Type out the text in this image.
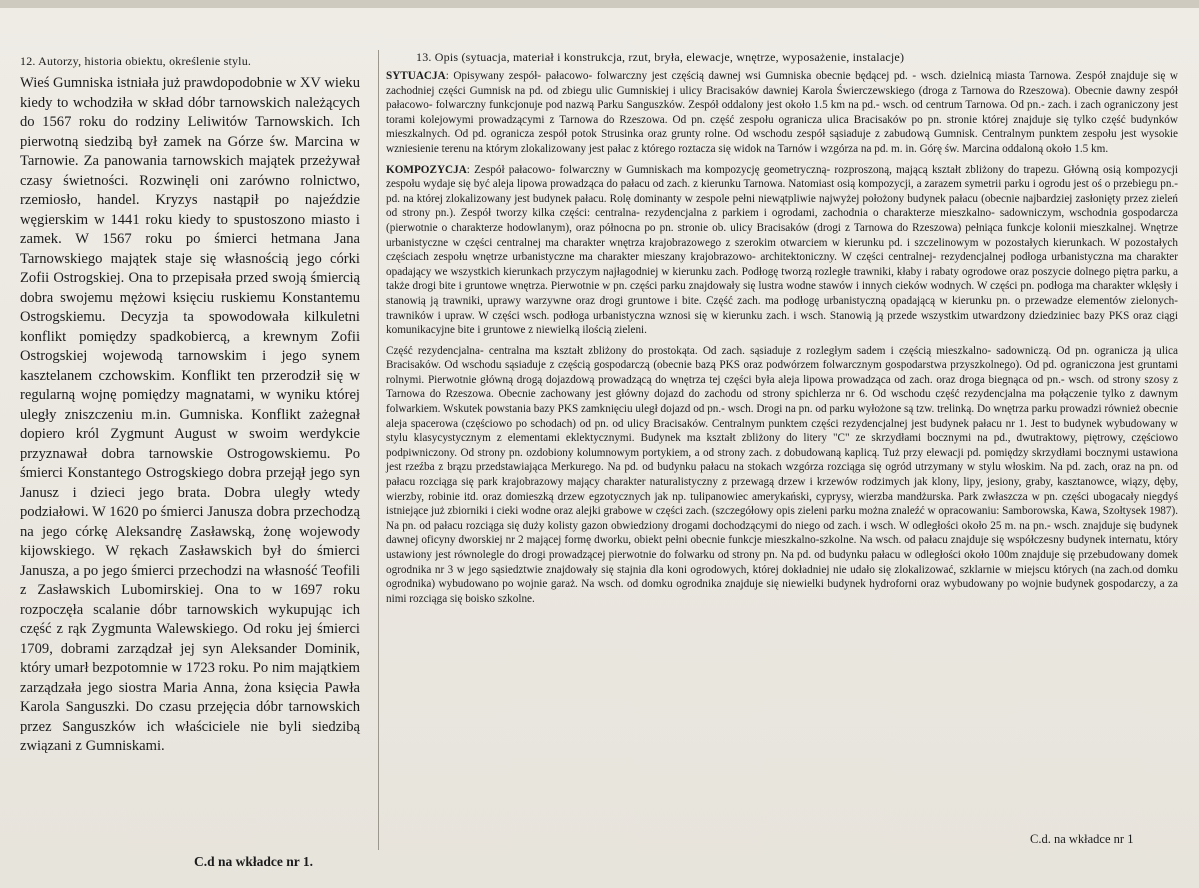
12. Autorzy, historia obiektu, określenie stylu.

Wieś Gumniska istniała już prawdopodobnie w XV wieku kiedy to wchodziła w skład dóbr tarnowskich należących do 1567 roku do rodziny Leliwitów Tarnowskich. Ich pierwotną siedzibą był zamek na Górze św. Marcina w Tarnowie. Za panowania tarnowskich majątek przeżywał czasy świetności. Rozwinęli oni zarówno rolnictwo, rzemiosło, handel. Kryzys nastąpił po najeździe węgierskim w 1441 roku kiedy to spustoszono miasto i zamek. W 1567 roku po śmierci hetmana Jana Tarnowskiego majątek staje się własnością jego córki Zofii Ostrogskiej. Ona to przepisała przed swoją śmiercią dobra swojemu mężowi księciu ruskiemu Konstantemu Ostrogskiemu. Decyzja ta spowodowała kilkuletni konflikt pomiędzy spadkobiercą, a krewnym Zofii Ostrogskiej wojewodą tarnowskim i jego synem kasztelanem czchowskim. Konflikt ten przerodził się w regularną wojnę pomiędzy magnatami, w wyniku której uległy zniszczeniu m.in. Gumniska. Konflikt zażegnał dopiero król Zygmunt August w swoim werdykcie przyznawał dobra tarnowskie Ostrogowskiemu. Po śmierci Konstantego Ostrogskiego dobra przejął jego syn Janusz i dzieci jego brata. Dobra uległy wtedy podziałowi. W 1620 po śmierci Janusza dobra przechodzą na jego córkę Aleksandrę Zasławską, żonę wojewody kijowskiego. W rękach Zasławskich był do śmierci Janusza, a po jego śmierci przechodzi na własność Teofili z Zasławskich Lubomirskiej. Ona to w 1697 roku rozpoczęła scalanie dóbr tarnowskich wykupując ich część z rąk Zygmunta Walewskiego. Od roku jej śmierci 1709, dobrami zarządzał jej syn Aleksander Dominik, który umarł bezpotomnie w 1723 roku. Po nim majątkiem zarządzała jego siostra Maria Anna, żona księcia Pawła Karola Sanguszki. Do czasu przejęcia dóbr tarnowskich przez Sanguszków ich właściciele nie byli siedzibą związani z Gumniskami.

C.d na wkładce nr 1.
13. Opis (sytuacja, materiał i konstrukcja, rzut, bryła, elewacje, wnętrze, wyposażenie, instalacje)

SYTUACJA: Opisywany zespół- pałacowo- folwarczny jest częścią dawnej wsi Gumniska obecnie będącej pd. - wsch. dzielnicą miasta Tarnowa. Zespół znajduje się w zachodniej części Gumnisk na pd. od zbiegu ulic Gumniskiej i ulicy Bracisaków dawniej Karola Świerczewskiego (droga z Tarnowa do Rzeszowa). Obecnie dawny zespół pałacowo- folwarczny funkcjonuje pod nazwą Parku Sanguszków. Zespół oddalony jest około 1.5 km na pd.- wsch. od centrum Tarnowa. Od pn.- zach. i zach ograniczony jest torami kolejowymi prowadzącymi z Tarnowa do Rzeszowa. Od pn. część zespołu ogranicza ulica Bracisaków po pn. stronie której znajduje się tylko część budynków mieszkalnych. Od pd. ogranicza zespół potok Strusinka oraz grunty rolne. Od wschodu zespół sąsiaduje z zabudową Gumnisk. Centralnym punktem zespołu jest wysokie wzniesienie terenu na którym zlokalizowany jest pałac z którego roztacza się widok na Tarnów i wzgórza na pd. m. in. Górę św. Marcina oddaloną około 1.5 km.

KOMPOZYCJA: Zespół pałacowo- folwarczny w Gumniskach ma kompozycję geometryczną- rozproszoną, mającą kształt zbliżony do trapezu. Główną osią kompozycji zespołu wydaje się być aleja lipowa prowadząca do pałacu od zach. z kierunku Tarnowa. Natomiast osią kompozycji, a zarazem symetrii parku i ogrodu jest oś o przebiegu pn.- pd. na której zlokalizowany jest budynek pałacu. Rolę dominanty w zespole pełni niewątpliwie najwyżej położony budynek pałacu (obecnie najbardziej zasłonięty przez zieleń od strony pn.). Zespół tworzy kilka części: centralna- rezydencjalna z parkiem i ogrodami, zachodnia o charakterze mieszkalno- sadowniczym, wschodnia gospodarcza (pierwotnie o charakterze hodowlanym), oraz północna po pn. stronie ob. ulicy Bracisaków (drogi z Tarnowa do Rzeszowa) pełniąca funkcje kolonii mieszkalnej. Wnętrze urbanistyczne w części centralnej ma charakter wnętrza krajobrazowego z szerokim otwarciem w kierunku pd. i szczelinowym w pozostałych kierunkach. W pozostałych częściach zespołu wnętrze urbanistyczne ma charakter mieszany krajobrazowo- architektoniczny. W części centralnej- rezydencjalnej podłoga urbanistyczna ma charakter opadający we wszystkich kierunkach przyczym najłagodniej w kierunku zach. Podłogę tworzą rozległe trawniki, kłaby i rabaty ogrodowe oraz poszycie dolnego piętra parku, a także drogi bite i gruntowe wnętrza. Pierwotnie w pn. części parku znajdowały się lustra wodne stawów i innych cieków wodnych. W części pn. podłoga ma charakter wklęsły i stanowią ją trawniki, uprawy warzywne oraz drogi gruntowe i bite. Część zach. ma podłogę urbanistyczną opadającą w kierunku pn. o przewadze elementów zielonych- trawników i upraw. W części wsch. podłoga urbanistyczna wznosi się w kierunku zach. i wsch. Stanowią ją przede wszystkim utwardzony dziedziniec bazy PKS oraz ciągi komunikacyjne bite i gruntowe z niewielką ilością zieleni.

Część rezydencjalna- centralna ma kształt zbliżony do prostokąta. Od zach. sąsiaduje z rozległym sadem i częścią mieszkalno- sadowniczą. Od pn. ogranicza ją ulica Bracisaków. Od wschodu sąsiaduje z częścią gospodarczą (obecnie bazą PKS oraz podwórzem folwarcznym gospodarstwa przyszkolnego). Od pd. ograniczona jest gruntami rolnymi. Pierwotnie główną drogą dojazdową prowadzącą do wnętrza tej części była aleja lipowa prowadząca od zach. oraz droga biegnąca od pn.- wsch. od strony szosy z Tarnowa do Rzeszowa. Obecnie zachowany jest główny dojazd do zachodu od strony spichlerza nr 6. Od wschodu część rezydencjalna ma połączenie tylko z dawnym folwarkiem. Wskutek powstania bazy PKS zamknięciu uległ dojazd od pn.- wsch. Drogi na pn. od parku wyłożone są tzw. trelinką. Do wnętrza parku prowadzi również obecnie aleja spacerowa (częściowo po schodach) od pn. od ulicy Bracisaków. Centralnym punktem części rezydencjalnej jest budynek pałacu nr 1. Jest to budynek wybudowany w stylu klasycystycznym z elementami eklektycznymi. Budynek ma kształt zbliżony do litery "C" ze skrzydłami bocznymi na pd., dwutraktowy, piętrowy, częściowo podpiwniczony. Od strony pn. ozdobiony kolumnowym portykiem, a od strony zach. z dobudowaną kaplicą. Tuż przy elewacji pd. pomiędzy skrzydłami bocznymi ustawiona jest rzeźba z brązu przedstawiająca Merkurego. Na pd. od budynku pałacu na stokach wzgórza rozciąga się ogród utrzymany w stylu włoskim. Na pd. zach, oraz na pn. od pałacu rozciąga się park krajobrazowy mający charakter naturalistyczny z przewagą drzew i krzewów rodzimych jak klony, lipy, jesiony, graby, kasztanowce, wiązy, dęby, wierzby, robinie itd. oraz domieszką drzew egzotycznych jak np. tulipanowiec amerykański, cyprysy, wierzba mandżurska. Park zwłaszcza w pn. części ubogacały niegdyś istniejące już zbiorniki i cieki wodne oraz alejki grabowe w części zach. (szczegółowy opis zieleni parku można znaleźć w opracowaniu: Samborowska, Kawa, Szołtysek 1987). Na pn. od pałacu rozciąga się duży kolisty gazon obwiedziony drogami dochodzącymi do niego od zach. i wsch. W odległości około 25 m. na pn.- wsch. znajduje się budynek dawnej oficyny dworskiej nr 2 mającej formę dworku, obiekt pełni obecnie funkcje mieszkalno-szkolne. Na wsch. od pałacu znajduje się współczesny budynek internatu, który ustawiony jest równolegle do drogi prowadzącej pierwotnie do folwarku od strony pn. Na pd. od budynku pałacu w odległości około 100m znajduje się przebudowany domek ogrodnika nr 3 w jego sąsiedztwie znajdowały się stajnia dla koni ogrodowych, której dokładniej nie udało się zlokalizować, szklarnie w miejscu których (na zach.od domku ogrodnika) wybudowano po wojnie garaż. Na wsch. od domku ogrodnika znajduje się niewielki budynek hydroforni oraz wybudowany po wojnie budynek gospodarczy, a za nimi rozciąga się boisko szkolne.

C.d. na wkładce nr 1
